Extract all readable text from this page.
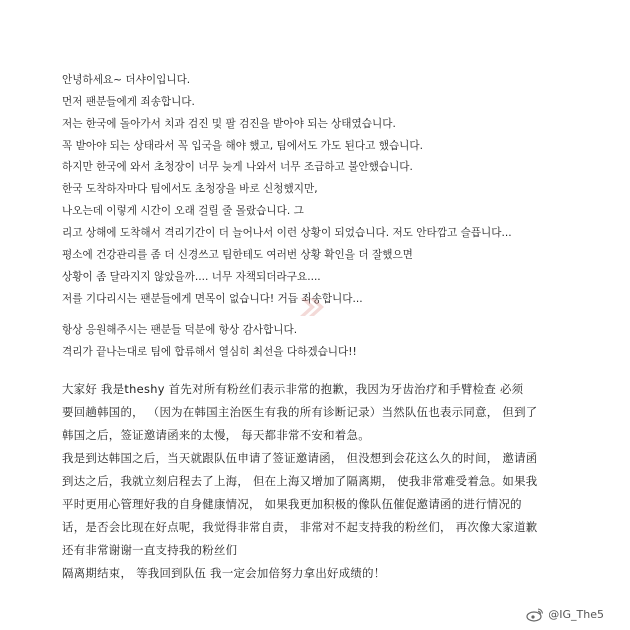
안녕하세요~ 더샤이입니다.
먼저 팬분들에게 죄송합니다.
저는 한국에 돌아가서 치과 검진 및 팔 검진을 받아야 되는 상태였습니다.
꼭 받아야 되는 상태라서 꼭 입국을 해야 했고, 팀에서도 가도 된다고 했습니다.
하지만 한국에 와서 초청장이 너무 늦게 나와서 너무 조급하고 불안했습니다.
한국 도착하자마다 팀에서도 초청장을 바로 신청했지만,
나오는데 이렇게 시간이 오래 걸릴 줄 몰랐습니다. 그
리고 상해에 도착해서 격리기간이 더 늘어나서 이런 상황이 되었습니다. 저도 안타깝고 슬픕니다...
평소에 건강관리를 좀 더 신경쓰고 팀한테도 여러번 상황 확인을 더 잘했으면
상황이 좀 달라지지 않았을까.... 너무 자책되더라구요....
저를 기다리시는 팬분들에게 면목이 없습니다! 거듭 죄송합니다...
항상 응원해주시는 팬분들 덕분에 항상 감사합니다.
격리가 끝나는대로 팀에 합류해서 열심히 최선을 다하겠습니다!!
大家好 我是theshy 首先对所有粉丝们表示非常的抱歉，我因为牙齿治疗和手臂检查 必须
要回趟韩国的， （因为在韩国主治医生有我的所有诊断记录）当然队伍也表示同意， 但到了
韩国之后，签证邀请函来的太慢， 每天都非常不安和着急。
我是到达韩国之后，当天就跟队伍申请了签证邀请函， 但没想到会花这么久的时间， 邀请函
到达之后，我就立刻启程去了上海， 但在上海又增加了隔离期， 使我非常难受着急。如果我
平时更用心管理好我的自身健康情况， 如果我更加积极的像队伍催促邀请函的进行情况的
话，是否会比现在好点呢，我觉得非常自责， 非常对不起支持我的粉丝们， 再次像大家道歉
还有非常谢谢一直支持我的粉丝们
隔离期结束， 等我回到队伍 我一定会加倍努力拿出好成绩的！
@IG_The5
